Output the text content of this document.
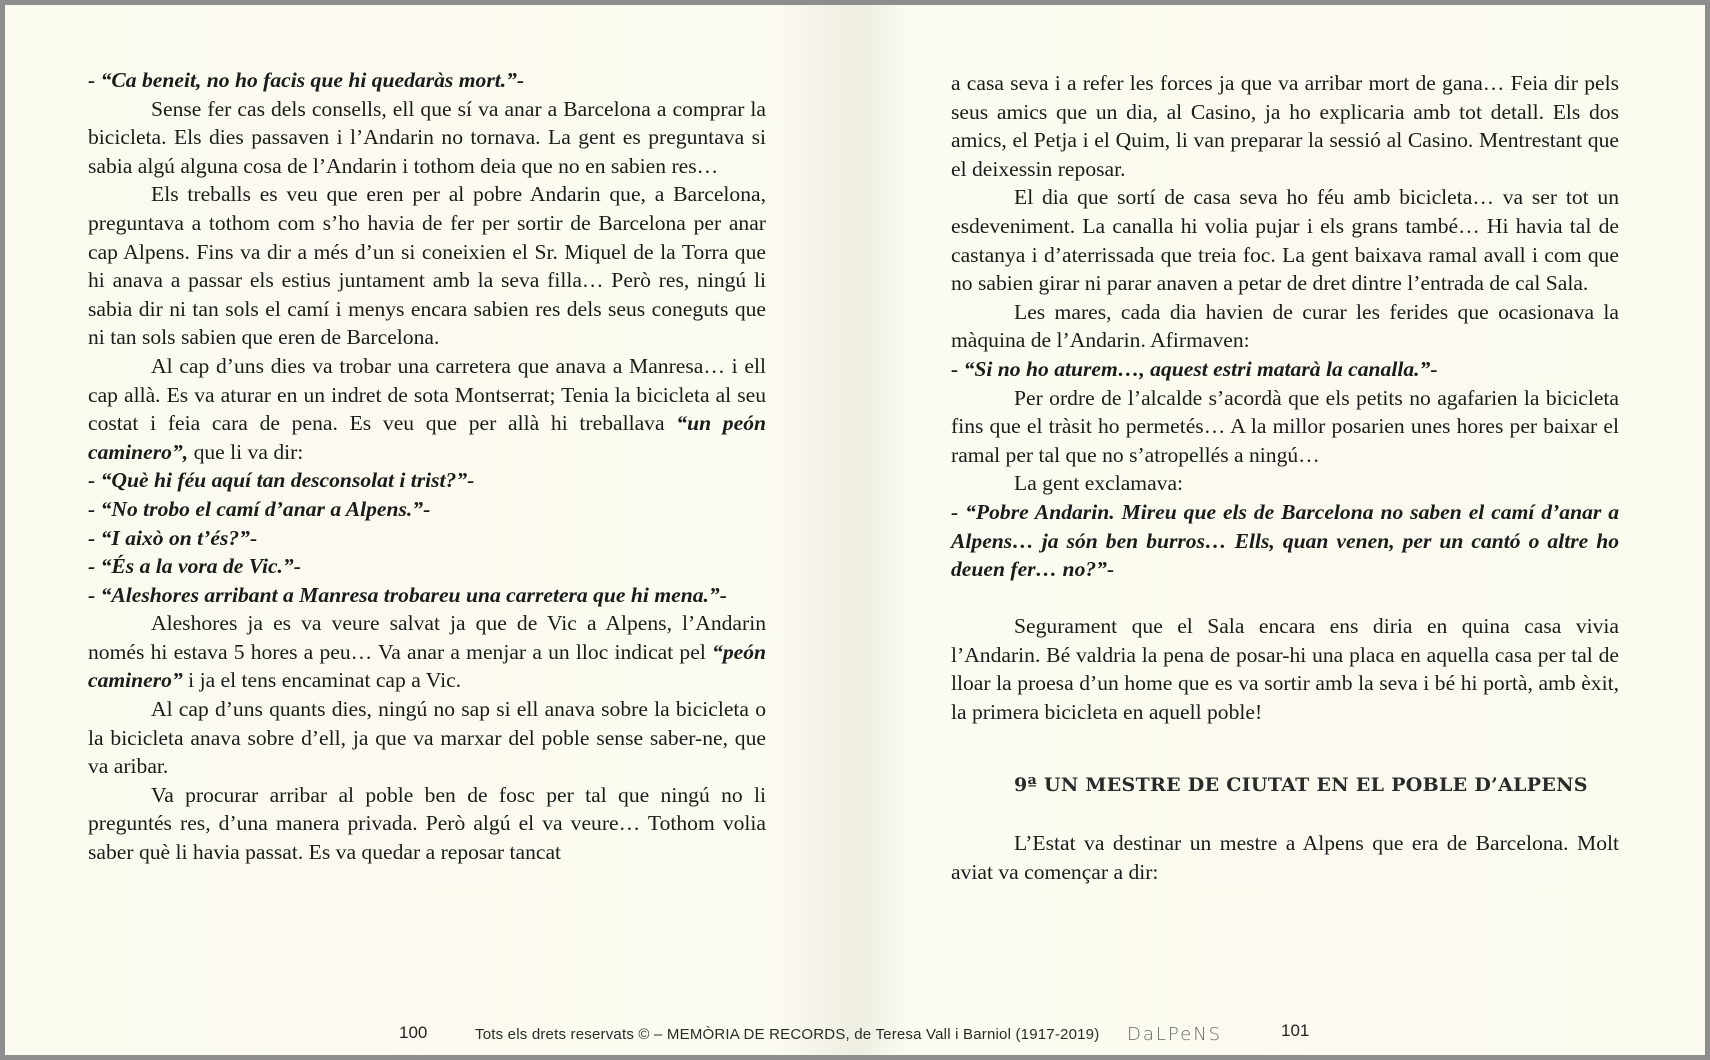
- “Ca beneit, no ho facis que hi quedaràs mort.”-

Sense fer cas dels consells, ell que sí va anar a Barcelona a comprar la bicicleta. Els dies passaven i l’Andarin no tornava. La gent es preguntava si sabia algú alguna cosa de l’Andarin i tothom deia que no en sabien res…

Els treballs es veu que eren per al pobre Andarin que, a Barcelona, preguntava a tothom com s’ho havia de fer per sortir de Barcelona per anar cap Alpens. Fins va dir a més d’un si coneixien el Sr. Miquel de la Torra que hi anava a passar els estius juntament amb la seva filla… Però res, ningú li sabia dir ni tan sols el camí i menys encara sabien res dels seus coneguts que ni tan sols sabien que eren de Barcelona.

Al cap d’uns dies va trobar una carretera que anava a Manresa… i ell cap allà. Es va aturar en un indret de sota Montserrat; Tenia la bicicleta al seu costat i feia cara de pena. Es veu que per allà hi treballava “un peón caminero”, que li va dir:

- “Què hi féu aquí tan desconsolat i trist?”-

- “No trobo el camí d’anar a Alpens.”-

- “I això on t’és?”-

- “És a la vora de Vic.”-

- “Aleshores arribant a Manresa trobareu una carretera que hi mena.”-

Aleshores ja es va veure salvat ja que de Vic a Alpens, l’Andarin només hi estava 5 hores a peu… Va anar a menjar a un lloc indicat pel “peón caminero” i ja el tens encaminat cap a Vic.

Al cap d’uns quants dies, ningú no sap si ell anava sobre la bicicleta o la bicicleta anava sobre d’ell, ja que va marxar del poble sense saber-ne, que va aribar.

Va procurar arribar al poble ben de fosc per tal que ningú no li preguntés res, d’una manera privada. Però algú el va veure… Tothom volia saber què li havia passat. Es va quedar a reposar tancat

a casa seva i a refer les forces ja que va arribar mort de gana… Feia dir pels seus amics que un dia, al Casino, ja ho explicaria amb tot detall. Els dos amics, el Petja i el Quim, li van preparar la sessió al Casino. Mentrestant que el deixessin reposar.

El dia que sortí de casa seva ho féu amb bicicleta… va ser tot un esdeveniment. La canalla hi volia pujar i els grans també… Hi havia tal de castanya i d’aterrissada que treia foc. La gent baixava ramal avall i com que no sabien girar ni parar anaven a petar de dret dintre l’entrada de cal Sala.

Les mares, cada dia havien de curar les ferides que ocasionava la màquina de l’Andarin. Afirmaven:

- “Si no ho aturem…, aquest estri matarà la canalla.”-

Per ordre de l’alcalde s’acordà que els petits no agafarien la bicicleta fins que el tràsit ho permetés… A la millor posarien unes hores per baixar el ramal per tal que no s’atropellés a ningú…

La gent exclamava:

- “Pobre Andarin. Mireu que els de Barcelona no saben el camí d’anar a Alpens… ja són ben burros… Ells, quan venen, per un cantó o altre ho deuen fer… no?”-

Segurament que el Sala encara ens diria en quina casa vivia l’Andarin. Bé valdria la pena de posar-hi una placa en aquella casa per tal de lloar la proesa d’un home que es va sortir amb la seva i bé hi portà, amb èxit, la primera bicicleta en aquell poble!

9ª UN MESTRE DE CIUTAT EN EL POBLE D’ALPENS

L’Estat va destinar un mestre a Alpens que era de Barcelona. Molt aviat va començar a dir:

100	Tots els drets reservats © – MEMÒRIA DE RECORDS, de Teresa Vall i Barniol (1917-2019) DaLPeNS	101
